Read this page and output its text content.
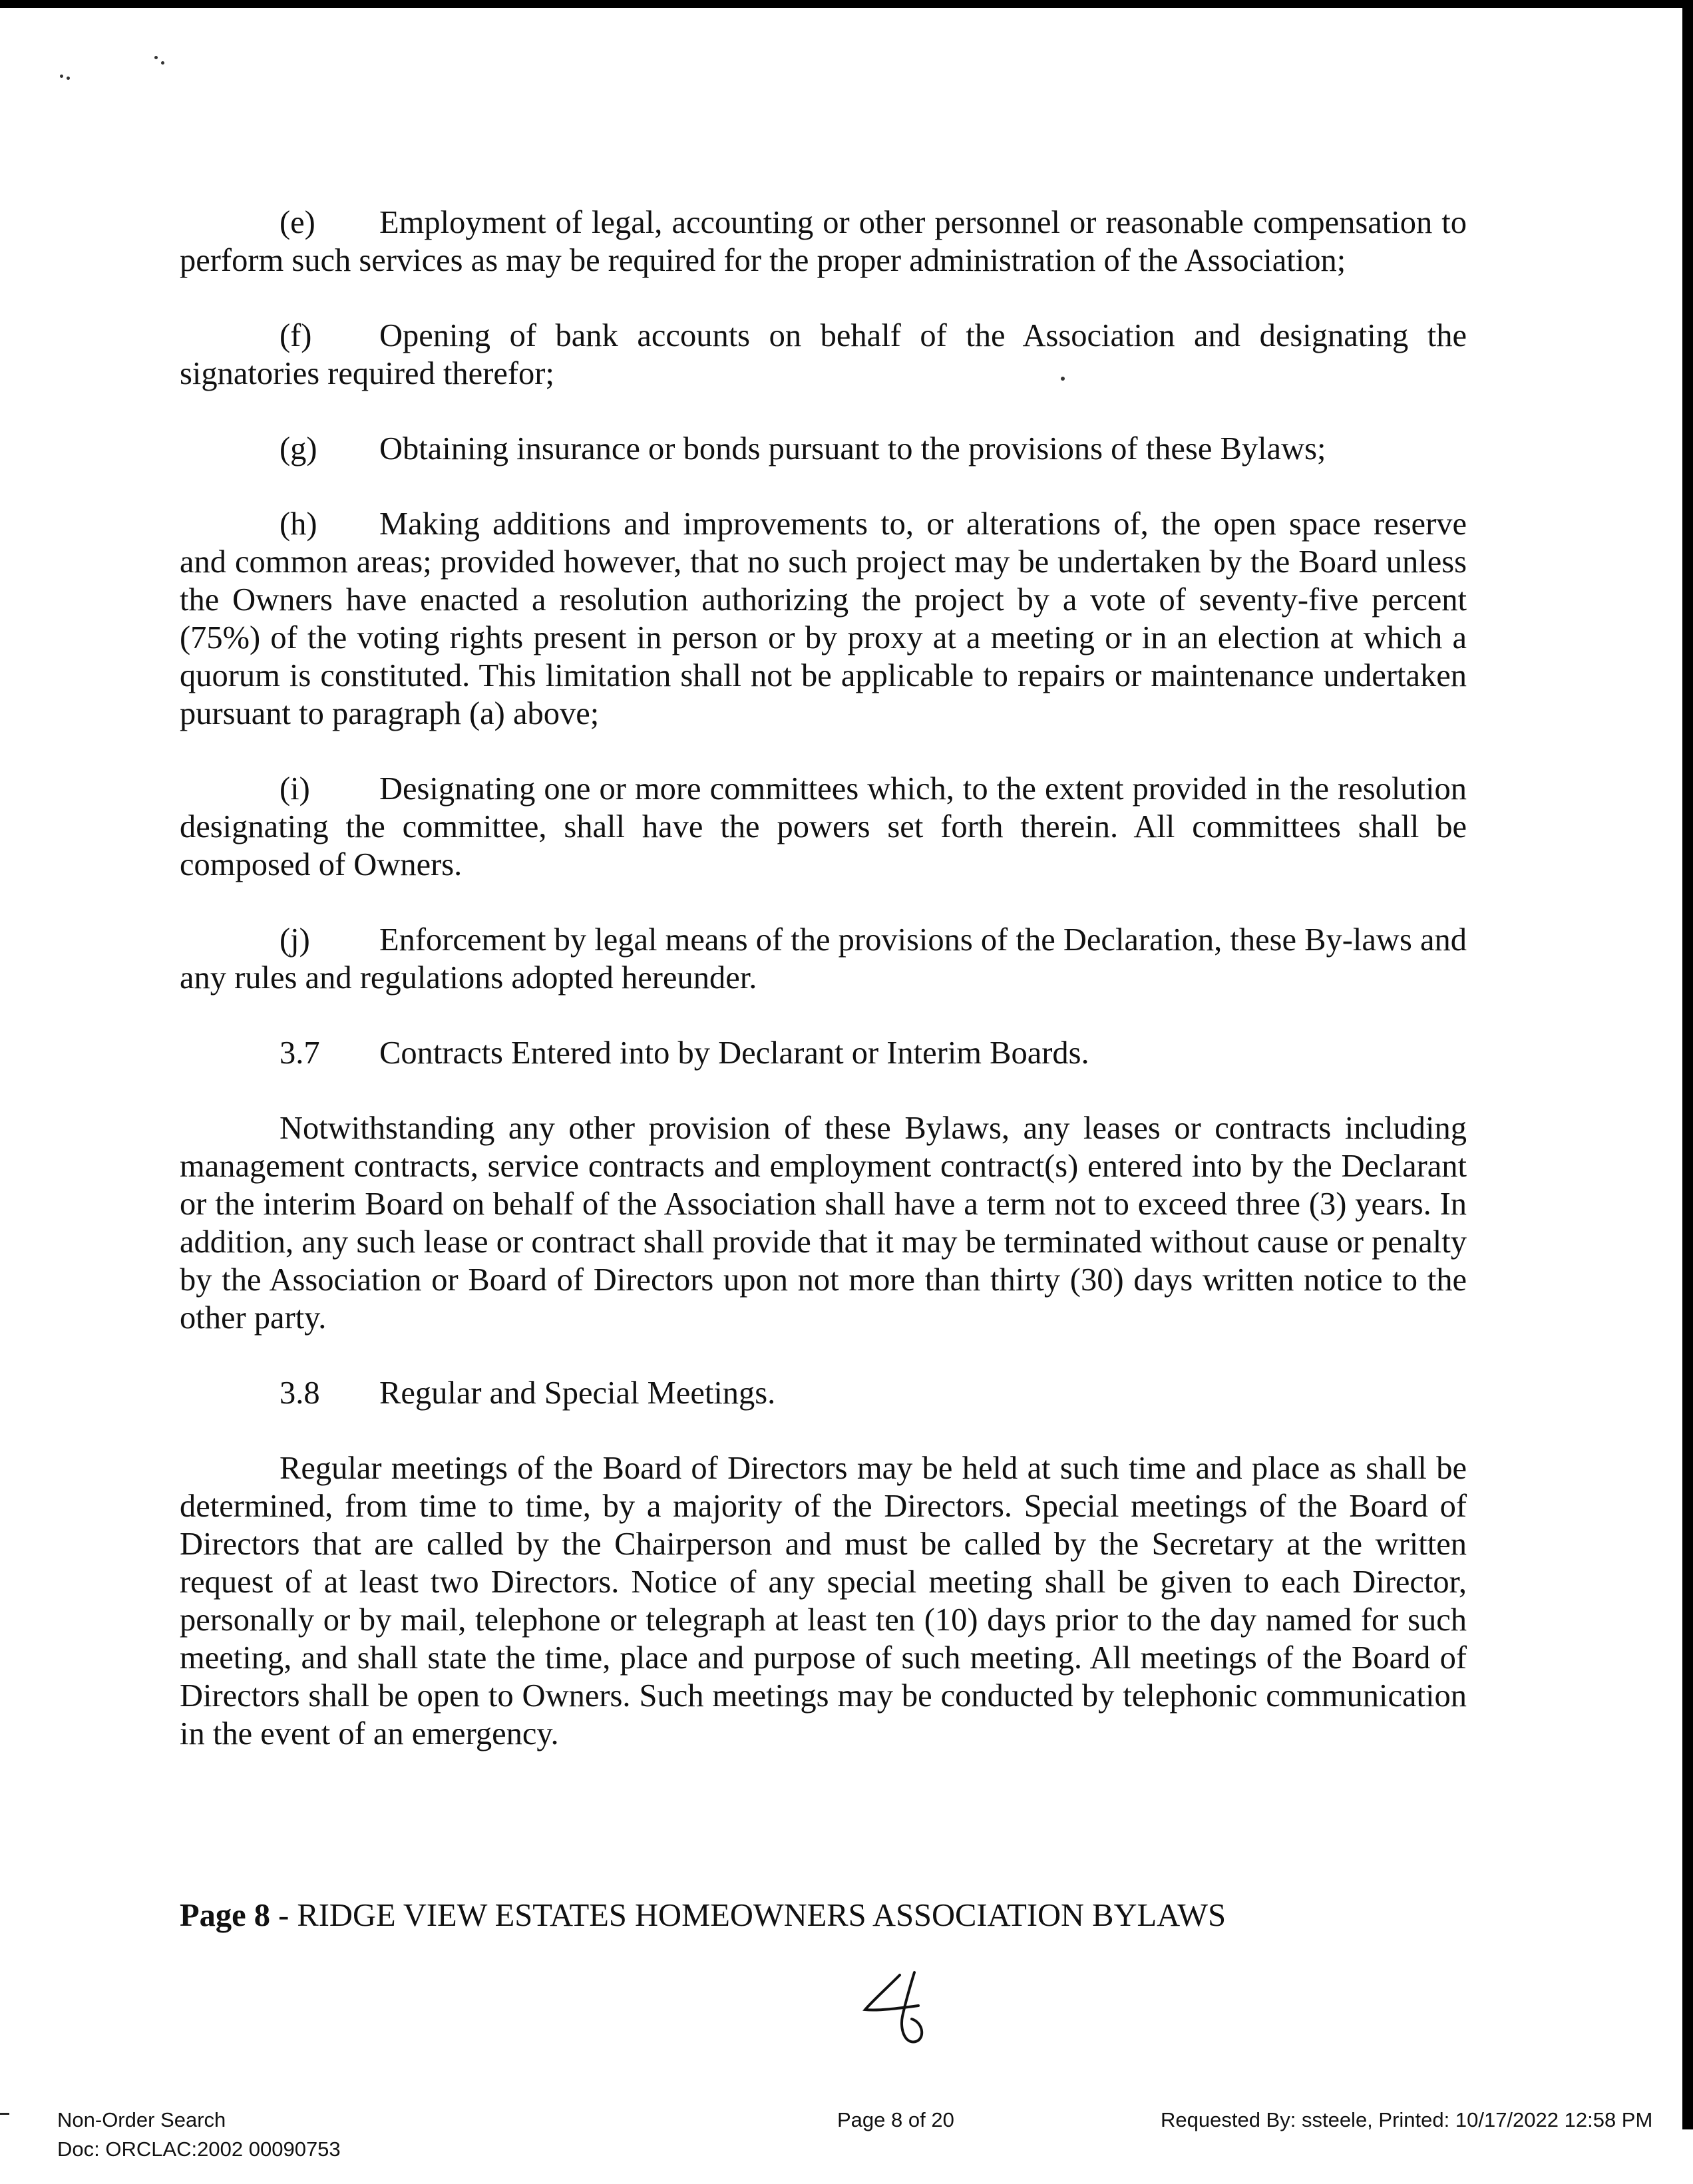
(e) Employment of legal, accounting or other personnel or reasonable compensation to perform such services as may be required for the proper administration of the Association;

(f) Opening of bank accounts on behalf of the Association and designating the signatories required therefor;

(g) Obtaining insurance or bonds pursuant to the provisions of these Bylaws;

(h) Making additions and improvements to, or alterations of, the open space reserve and common areas; provided however, that no such project may be undertaken by the Board unless the Owners have enacted a resolution authorizing the project by a vote of seventy-five percent (75%) of the voting rights present in person or by proxy at a meeting or in an election at which a quorum is constituted. This limitation shall not be applicable to repairs or maintenance undertaken pursuant to paragraph (a) above;

(i) Designating one or more committees which, to the extent provided in the resolution designating the committee, shall have the powers set forth therein. All committees shall be composed of Owners.

(j) Enforcement by legal means of the provisions of the Declaration, these By-laws and any rules and regulations adopted hereunder.

3.7 Contracts Entered into by Declarant or Interim Boards.

Notwithstanding any other provision of these Bylaws, any leases or contracts including management contracts, service contracts and employment contract(s) entered into by the Declarant or the interim Board on behalf of the Association shall have a term not to exceed three (3) years. In addition, any such lease or contract shall provide that it may be terminated without cause or penalty by the Association or Board of Directors upon not more than thirty (30) days written notice to the other party.

3.8 Regular and Special Meetings.

Regular meetings of the Board of Directors may be held at such time and place as shall be determined, from time to time, by a majority of the Directors. Special meetings of the Board of Directors that are called by the Chairperson and must be called by the Secretary at the written request of at least two Directors. Notice of any special meeting shall be given to each Director, personally or by mail, telephone or telegraph at least ten (10) days prior to the day named for such meeting, and shall state the time, place and purpose of such meeting. All meetings of the Board of Directors shall be open to Owners. Such meetings may be conducted by telephonic communication in the event of an emergency.

Page 8 - RIDGE VIEW ESTATES HOMEOWNERS ASSOCIATION BYLAWS
Non-Order Search
Doc: ORCLAC:2002 00090753
Page 8 of 20	Requested By: ssteele, Printed: 10/17/2022 12:58 PM
